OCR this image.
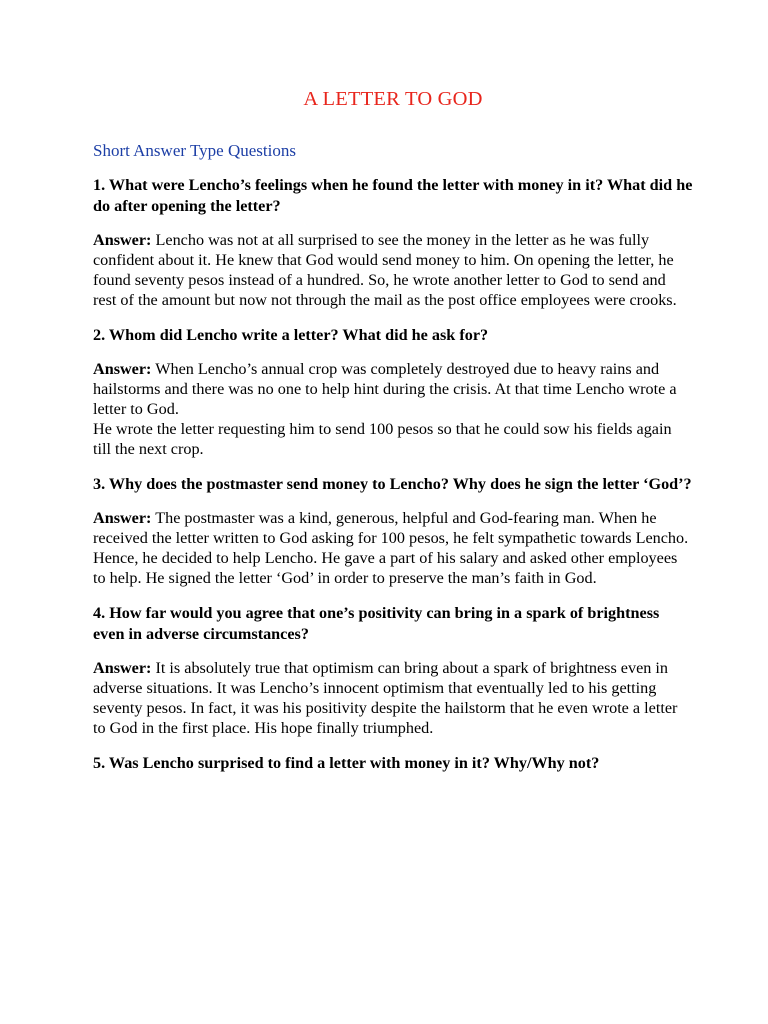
A LETTER TO GOD
Short Answer Type Questions
1. What were Lencho’s feelings when he found the letter with money in it? What did he do after opening the letter?

Answer: Lencho was not at all surprised to see the money in the letter as he was fully confident about it. He knew that God would send money to him. On opening the letter, he found seventy pesos instead of a hundred. So, he wrote another letter to God to send and rest of the amount but now not through the mail as the post office employees were crooks.

2. Whom did Lencho write a letter? What did he ask for?

Answer: When Lencho’s annual crop was completely destroyed due to heavy rains and hailstorms and there was no one to help hint during the crisis. At that time Lencho wrote a letter to God.

He wrote the letter requesting him to send 100 pesos so that he could sow his fields again till the next crop.

3. Why does the postmaster send money to Lencho? Why does he sign the letter ‘God’?

Answer: The postmaster was a kind, generous, helpful and God-fearing man. When he received the letter written to God asking for 100 pesos, he felt sympathetic towards Lencho. Hence, he decided to help Lencho. He gave a part of his salary and asked other employees to help. He signed the letter ‘God’ in order to preserve the man’s faith in God.

4. How far would you agree that one’s positivity can bring in a spark of brightness even in adverse circumstances?

Answer: It is absolutely true that optimism can bring about a spark of brightness even in adverse situations. It was Lencho’s innocent optimism that eventually led to his getting seventy pesos. In fact, it was his positivity despite the hailstorm that he even wrote a letter to God in the first place. His hope finally triumphed.

5. Was Lencho surprised to find a letter with money in it? Why/Why not?
